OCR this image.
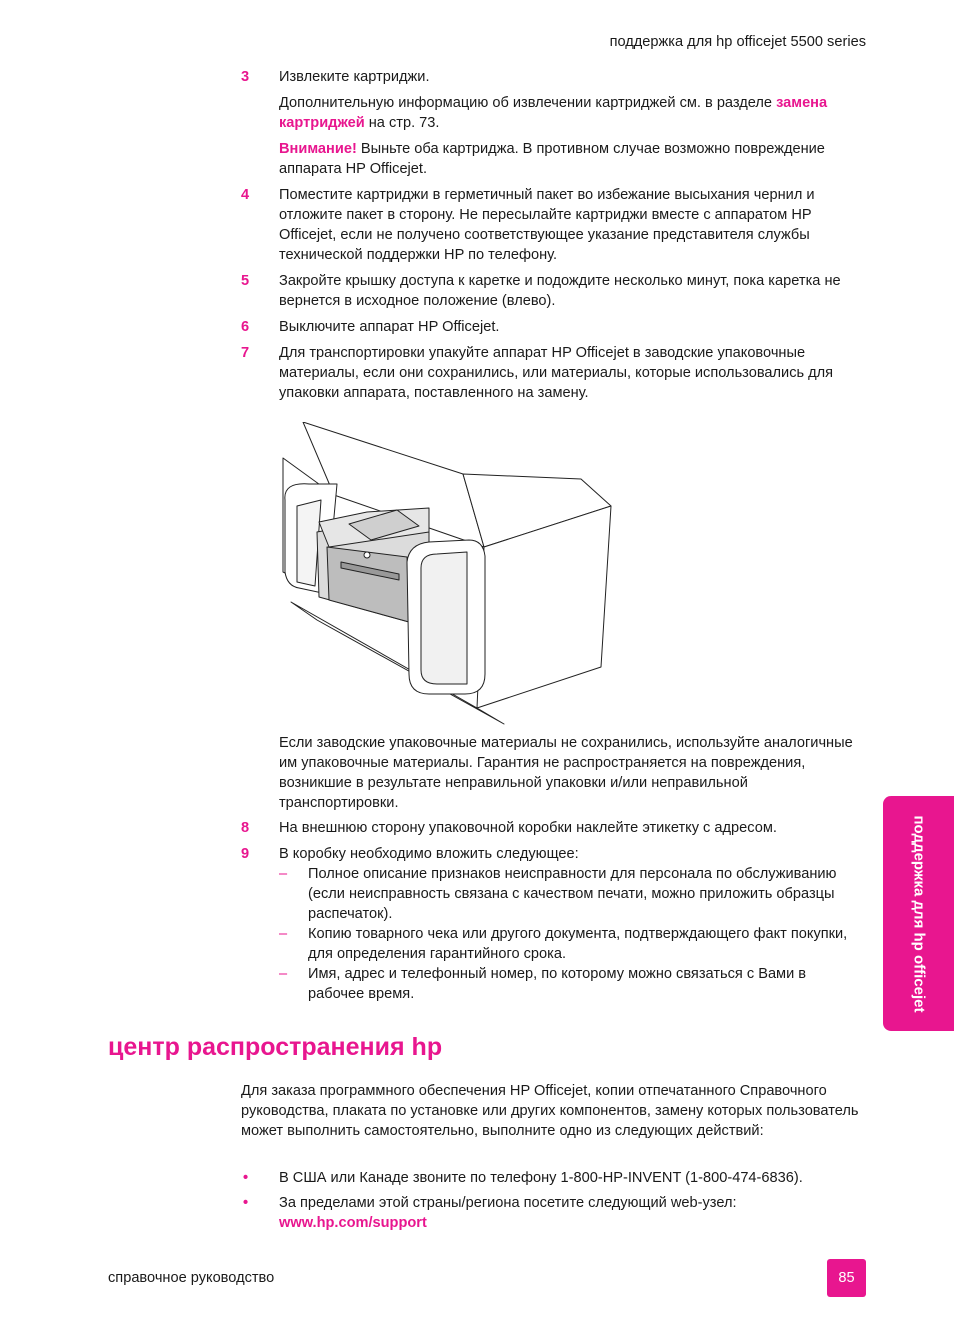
поддержка для hp officejet 5500 series
3 Извлеките картриджи.
Дополнительную информацию об извлечении картриджей см. в разделе замена картриджей на стр. 73.
Внимание! Выньте оба картриджа. В противном случае возможно повреждение аппарата HP Officejet.
4 Поместите картриджи в герметичный пакет во избежание высыхания чернил и отложите пакет в сторону. Не пересылайте картриджи вместе с аппаратом HP Officejet, если не получено соответствующее указание представителя службы технической поддержки HP по телефону.
5 Закройте крышку доступа к каретке и подождите несколько минут, пока каретка не вернется в исходное положение (влево).
6 Выключите аппарат HP Officejet.
7 Для транспортировки упакуйте аппарат HP Officejet в заводские упаковочные материалы, если они сохранились, или материалы, которые использовались для упаковки аппарата, поставленного на замену.
Если заводские упаковочные материалы не сохранились, используйте аналогичные им упаковочные материалы. Гарантия не распространяется на повреждения, возникшие в результате неправильной упаковки и/или неправильной транспортировки.
8 На внешнюю сторону упаковочной коробки наклейте этикетку с адресом.
9 В коробку необходимо вложить следующее:
– Полное описание признаков неисправности для персонала по обслуживанию (если неисправность связана с качеством печати, можно приложить образцы распечаток).
– Копию товарного чека или другого документа, подтверждающего факт покупки, для определения гарантийного срока.
– Имя, адрес и телефонный номер, по которому можно связаться с Вами в рабочее время.
центр распространения hp
Для заказа программного обеспечения HP Officejet, копии отпечатанного Справочного руководства, плаката по установке или других компонентов, замену которых пользователь может выполнить самостоятельно, выполните одно из следующих действий:
• В США или Канаде звоните по телефону 1-800-HP-INVENT (1-800-474-6836).
• За пределами этой страны/региона посетите следующий web-узел:
www.hp.com/support
поддержка для hp officejet
справочное руководство	85
